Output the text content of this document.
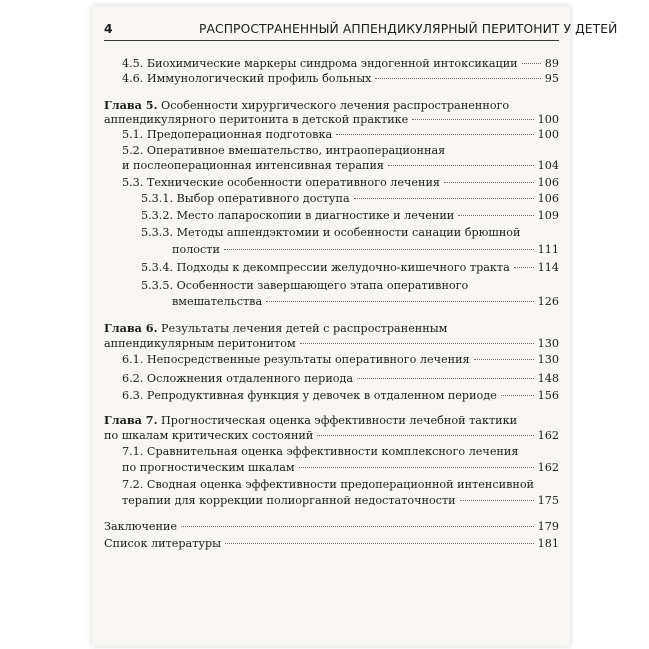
4	РАСПРОСТРАНЕННЫЙ АППЕНДИКУЛЯРНЫЙ ПЕРИТОНИТ У ДЕТЕЙ
4.5. Биохимические маркеры синдрома эндогенной интоксикации 89
4.6. Иммунологический профиль больных	95
Глава 5. Особенности хирургического лечения распространенного
аппендикулярного перитонита в детской практике	100
5.1. Предоперационная подготовка	100
5.2. Оперативное вмешательство, интраоперационная
и послеоперационная интенсивная терапия	104
5.3. Технические особенности оперативного лечения	106
5.3.1. Выбор оперативного доступа	106
5.3.2. Место лапароскопии в диагностике и лечении	109
5.3.3. Методы аппендэктомии и особенности санации брюшной
полости	111
5.3.4. Подходы к декомпрессии желудочно-кишечного тракта 114
5.3.5. Особенности завершающего этапа оперативного
вмешательства	126
Глава 6. Результаты лечения детей с распространенным
аппендикулярным перитонитом	130
6.1. Непосредственные результаты оперативного лечения	130
6.2. Осложнения отдаленного периода	148
6.3. Репродуктивная функция у девочек в отдаленном периоде	156
Глава 7. Прогностическая оценка эффективности лечебной тактики
по шкалам критических состояний	162
7.1. Сравнительная оценка эффективности комплексного лечения
по прогностическим шкалам	162
7.2. Сводная оценка эффективности предоперационной интенсивной
терапии для коррекции полиорганной недостаточности	175
Заключение	179
Список литературы	181
